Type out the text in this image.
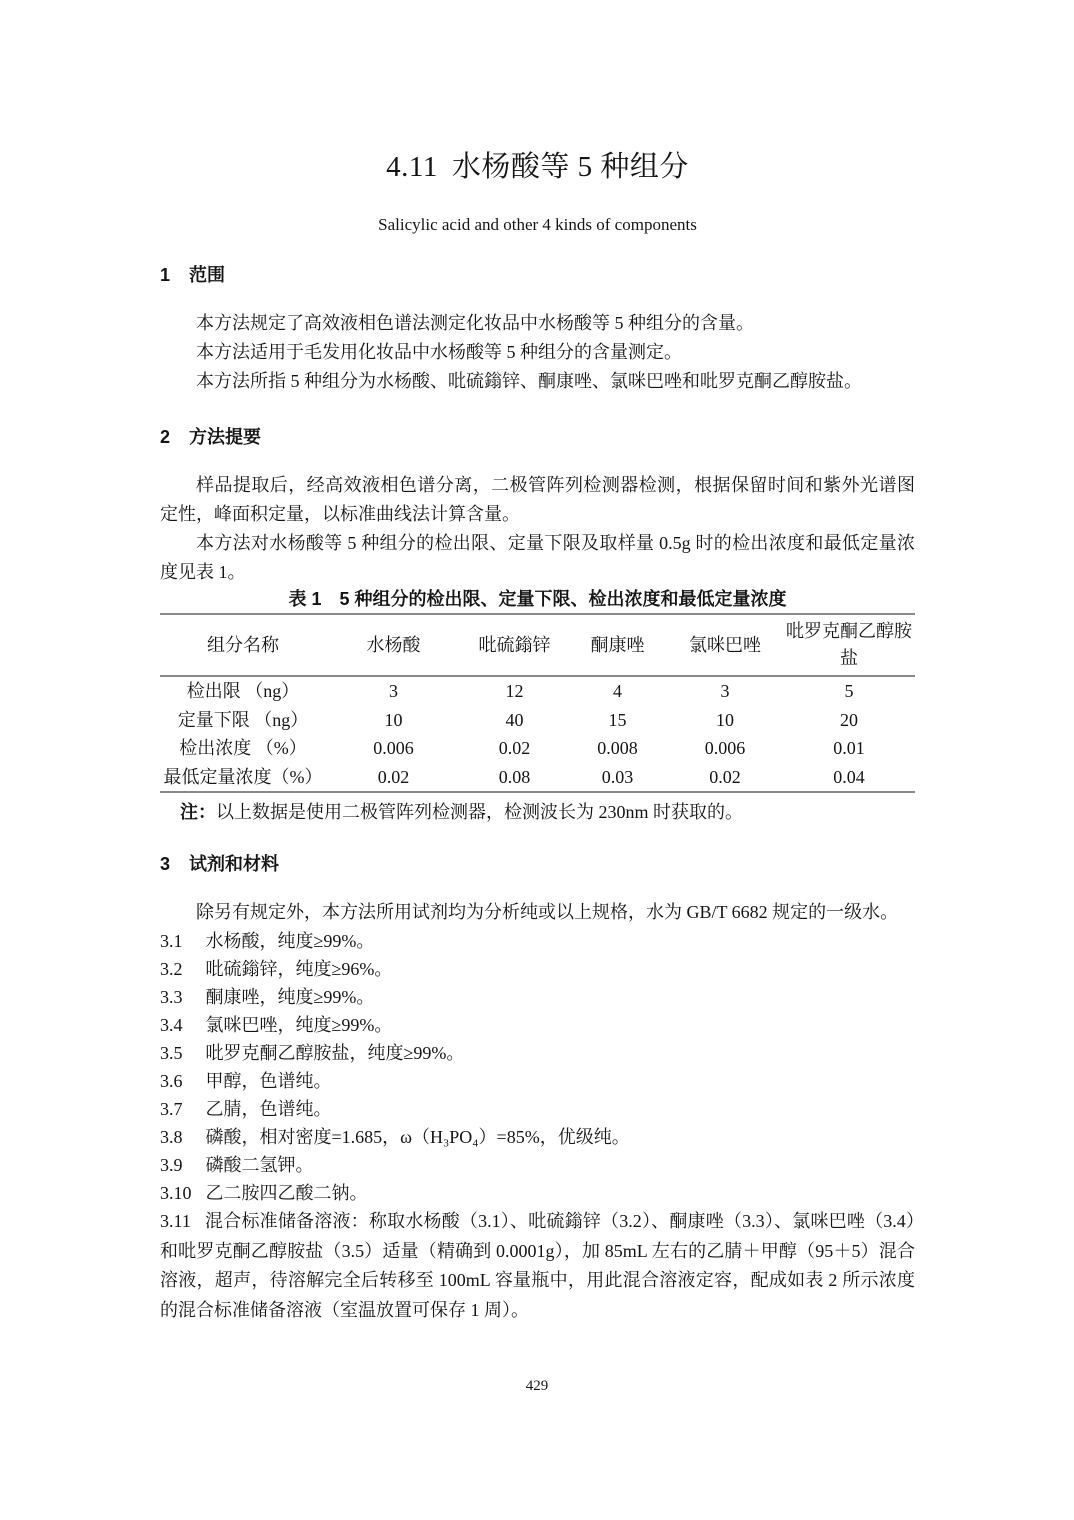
4.11 水杨酸等 5 种组分
Salicylic acid and other 4 kinds of components
1 范围

本方法规定了高效液相色谱法测定化妆品中水杨酸等 5 种组分的含量。

本方法适用于毛发用化妆品中水杨酸等 5 种组分的含量测定。

本方法所指 5 种组分为水杨酸、吡硫鎓锌、酮康唑、氯咪巴唑和吡罗克酮乙醇胺盐。

2 方法提要

样品提取后，经高效液相色谱分离，二极管阵列检测器检测，根据保留时间和紫外光谱图定性，峰面积定量，以标准曲线法计算含量。

本方法对水杨酸等 5 种组分的检出限、定量下限及取样量 0.5g 时的检出浓度和最低定量浓度见表 1。

表 1　5 种组分的检出限、定量下限、检出浓度和最低定量浓度
组分名称	水杨酸	吡硫鎓锌	酮康唑	氯咪巴唑	吡罗克酮乙醇胺盐
检出限 （ng）	3	12	4	3	5
定量下限 （ng）	10	40	15	10	20
检出浓度 （%）	0.006	0.02	0.008	0.006	0.01
最低定量浓度（%）	0.02	0.08	0.03	0.02	0.04

注：以上数据是使用二极管阵列检测器，检测波长为 230nm 时获取的。

3 试剂和材料

除另有规定外，本方法所用试剂均为分析纯或以上规格，水为 GB/T 6682 规定的一级水。

3.1 水杨酸，纯度≥99%。
3.2 吡硫鎓锌，纯度≥96%。
3.3 酮康唑，纯度≥99%。
3.4 氯咪巴唑，纯度≥99%。
3.5 吡罗克酮乙醇胺盐，纯度≥99%。
3.6 甲醇，色谱纯。
3.7 乙腈，色谱纯。
3.8 磷酸，相对密度=1.685，ω（H₃PO₄）=85%，优级纯。
3.9 磷酸二氢钾。
3.10 乙二胺四乙酸二钠。

3.11 混合标准储备溶液：称取水杨酸（3.1）、吡硫鎓锌（3.2）、酮康唑（3.3）、氯咪巴唑（3.4）和吡罗克酮乙醇胺盐（3.5）适量（精确到 0.0001g），加 85mL 左右的乙腈＋甲醇（95＋5）混合溶液，超声，待溶解完全后转移至 100mL 容量瓶中，用此混合溶液定容，配成如表 2 所示浓度的混合标准储备溶液（室温放置可保存 1 周）。

429
